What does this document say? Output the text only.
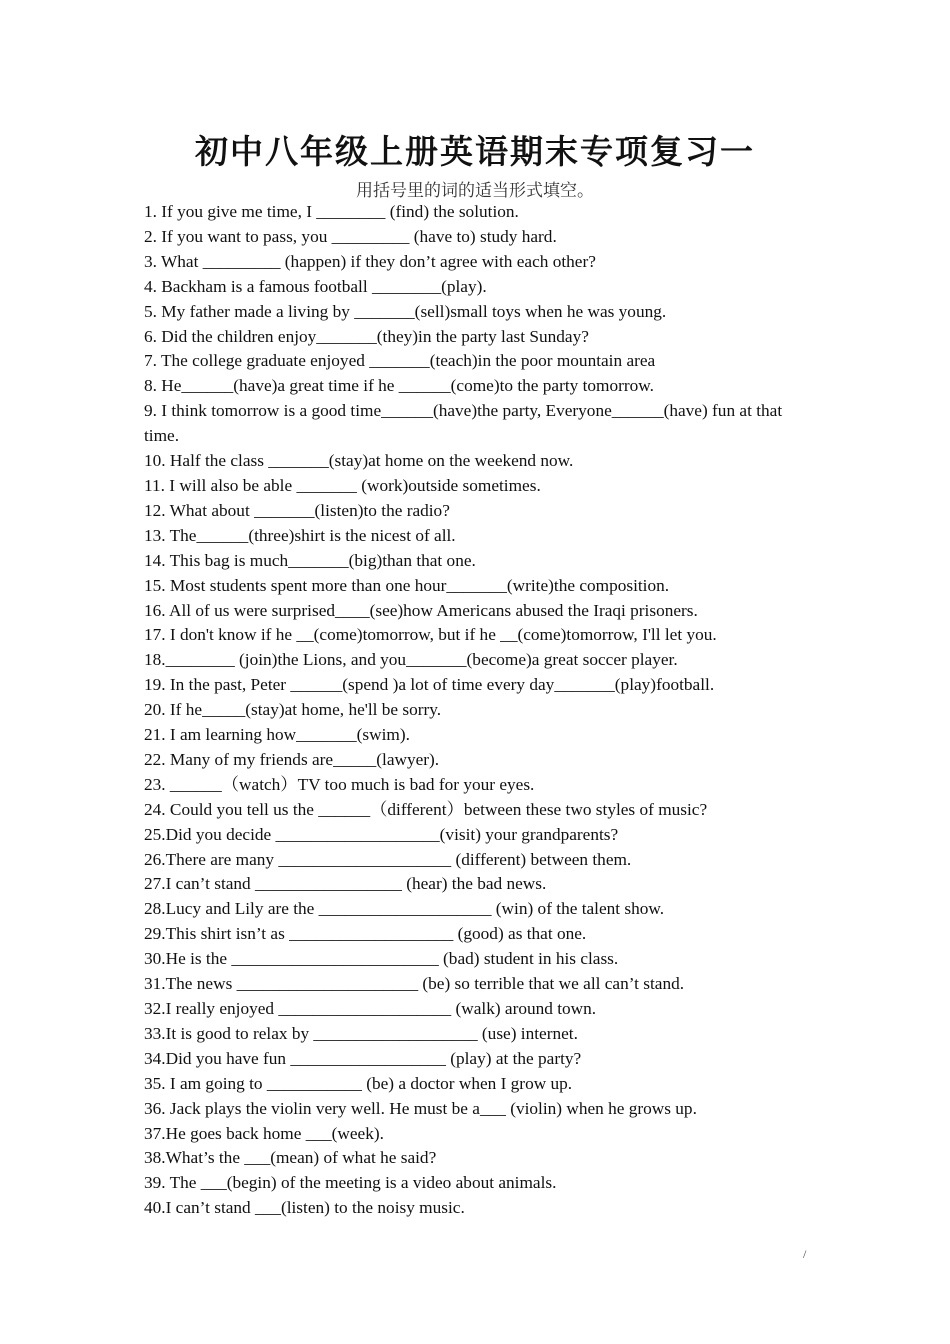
初中八年级上册英语期末专项复习一
用括号里的词的适当形式填空。
1. If you give me time, I ________ (find) the solution.
2. If you want to pass, you _________ (have to) study hard.
3. What _________ (happen) if they don’t agree with each other?
4. Backham is a famous football ________(play).
5. My father made a living by _______(sell)small toys when he was young.
6. Did the children enjoy_______(they)in the party last Sunday?
7. The college graduate enjoyed _______(teach)in the poor mountain area
8. He______(have)a great time if he ______(come)to the party tomorrow.
9. I think tomorrow is a good time______(have)the party, Everyone______(have) fun at that time.
10. Half the class _______(stay)at home on the weekend now.
11. I will also be able _______ (work)outside sometimes.
12. What about _______(listen)to the radio?
13. The______(three)shirt is the nicest of all.
14. This bag is much_______(big)than that one.
15. Most students spent more than one hour_______(write)the composition.
16. All of us were surprised____(see)how Americans abused the Iraqi prisoners.
17. I don't know if he __(come)tomorrow, but if he __(come)tomorrow, I'll let you.
18.________ (join)the Lions, and you_______(become)a great soccer player.
19. In the past, Peter ______(spend )a lot of time every day_______(play)football.
20. If he_____(stay)at home, he'll be sorry.
21. I am learning how_______(swim).
22. Many of my friends are_____(lawyer).
23. ______（watch）TV too much is bad for your eyes.
24. Could you tell us the ______（different）between these two styles of music?
25.Did you decide ___________________(visit) your grandparents?
26.There are many ____________________ (different) between them.
27.I can’t stand _________________ (hear) the bad news.
28.Lucy and Lily are the ____________________ (win) of the talent show.
29.This shirt isn’t as ___________________ (good) as that one.
30.He is the ________________________ (bad) student in his class.
31.The news _____________________ (be) so terrible that we all can’t stand.
32.I really enjoyed ____________________ (walk) around town.
33.It is good to relax by ___________________ (use) internet.
34.Did you have fun __________________ (play) at the party?
35. I am going to ___________ (be) a doctor when I grow up.
36. Jack plays the violin very well. He must be a___ (violin) when he grows up.
37.He goes back home ___(week).
38.What’s the ___(mean) of what he said?
39. The ___(begin) of the meeting is a video about animals.
40.I can’t stand ___(listen) to the noisy music.
/
